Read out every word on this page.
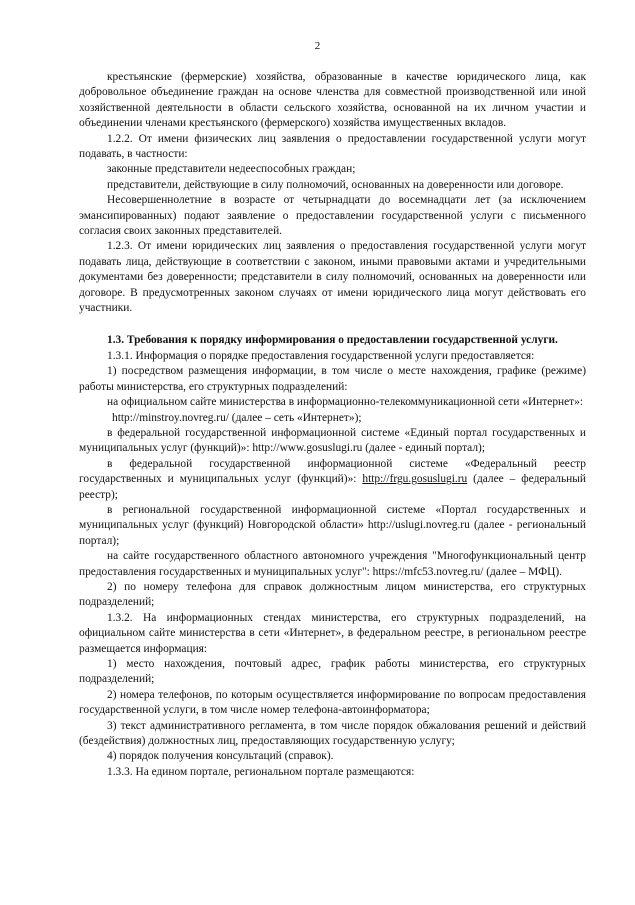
2

крестьянские (фермерские) хозяйства, образованные в качестве юридического лица, как добровольное объединение граждан на основе членства для совместной производственной или иной хозяйственной деятельности в области сельского хозяйства, основанной на их личном участии и объединении членами крестьянского (фермерского) хозяйства имущественных вкладов.

1.2.2. От имени физических лиц заявления о предоставлении государственной услуги могут подавать, в частности:

законные представители недееспособных граждан;

представители, действующие в силу полномочий, основанных на доверенности или договоре.

Несовершеннолетние в возрасте от четырнадцати до восемнадцати лет (за исключением эмансипированных) подают заявление о предоставлении государственной услуги с письменного согласия своих законных представителей.

1.2.3. От имени юридических лиц заявления о предоставления государственной услуги могут подавать лица, действующие в соответствии с законом, иными правовыми актами и учредительными документами без доверенности; представители в силу полномочий, основанных на доверенности или договоре. В предусмотренных законом случаях от имени юридического лица могут действовать его участники.

1.3. Требования к порядку информирования о предоставлении государственной услуги.

1.3.1. Информация о порядке предоставления государственной услуги предоставляется:

1) посредством размещения информации, в том числе о месте нахождения, графике (режиме) работы министерства, его структурных подразделений:

на официальном сайте министерства в информационно-телекоммуникационной сети «Интернет»:

http://minstroy.novreg.ru/ (далее – сеть «Интернет»);

в федеральной государственной информационной системе «Единый портал государственных и муниципальных услуг (функций)»: http://www.gosuslugi.ru (далее - единый портал);

в федеральной государственной информационной системе «Федеральный реестр государственных и муниципальных услуг (функций)»: http://frgu.gosuslugi.ru (далее – федеральный реестр);

в региональной государственной информационной системе «Портал государственных и муниципальных услуг (функций) Новгородской области» http://uslugi.novreg.ru (далее - региональный портал);

на сайте государственного областного автономного учреждения "Многофункциональный центр предоставления государственных и муниципальных услуг": https://mfc53.novreg.ru/ (далее – МФЦ).

2) по номеру телефона для справок должностным лицом министерства, его структурных подразделений;

1.3.2. На информационных стендах министерства, его структурных подразделений, на официальном сайте министерства в сети «Интернет», в федеральном реестре, в региональном реестре размещается информация:

1) место нахождения, почтовый адрес, график работы министерства, его структурных подразделений;

2) номера телефонов, по которым осуществляется информирование по вопросам предоставления государственной услуги, в том числе номер телефона-автоинформатора;

3) текст административного регламента, в том числе порядок обжалования решений и действий (бездействия) должностных лиц, предоставляющих государственную услугу;

4) порядок получения консультаций (справок).

1.3.3. На едином портале, региональном портале размещаются:
